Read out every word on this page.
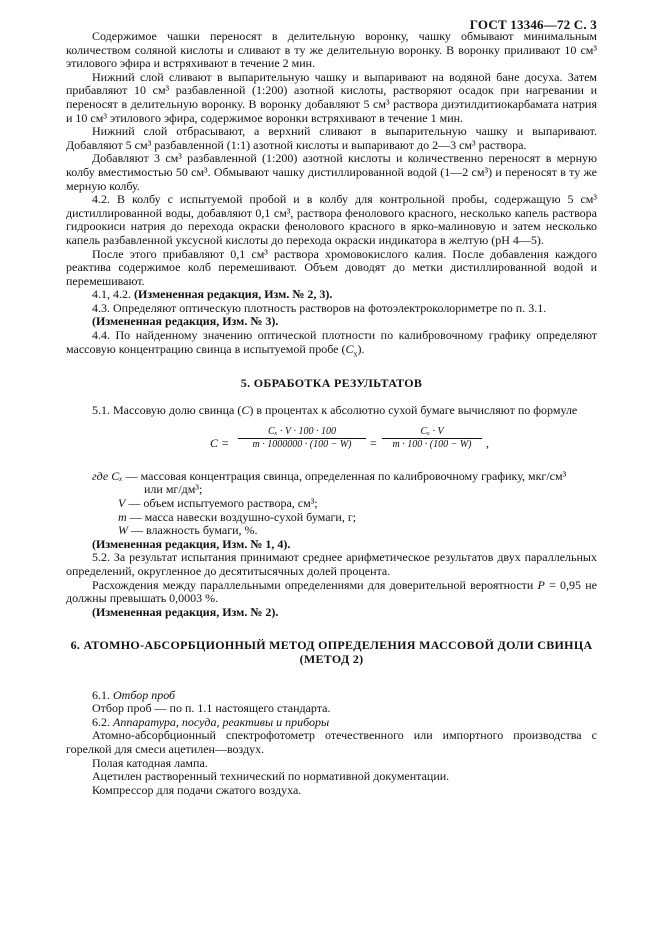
ГОСТ 13346—72 С. 3

Содержимое чашки переносят в делительную воронку, чашку обмывают минимальным количеством соляной кислоты и сливают в ту же делительную воронку. В воронку приливают 10 см³ этилового эфира и встряхивают в течение 2 мин.

Нижний слой сливают в выпарительную чашку и выпаривают на водяной бане досуха. Затем прибавляют 10 см³ разбавленной (1:200) азотной кислоты, растворяют осадок при нагревании и переносят в делительную воронку. В воронку добавляют 5 см³ раствора диэтилдитиокарбамата натрия и 10 см³ этилового эфира, содержимое воронки встряхивают в течение 1 мин.

Нижний слой отбрасывают, а верхний сливают в выпарительную чашку и выпаривают. Добавляют 5 см³ разбавленной (1:1) азотной кислоты и выпаривают до 2—3 см³ раствора.

Добавляют 3 см³ разбавленной (1:200) азотной кислоты и количественно переносят в мерную колбу вместимостью 50 см³. Обмывают чашку дистиллированной водой (1—2 см³) и переносят в ту же мерную колбу.

4.2. В колбу с испытуемой пробой и в колбу для контрольной пробы, содержащую 5 см³ дистиллированной воды, добавляют 0,1 см³, раствора фенолового красного, несколько капель раствора гидроокиси натрия до перехода окраски фенолового красного в ярко-малиновую и затем несколько капель разбавленной уксусной кислоты до перехода окраски индикатора в желтую (рН 4—5).

После этого прибавляют 0,1 см³ раствора хромовокислого калия. После добавления каждого реактива содержимое колб перемешивают. Объем доводят до метки дистиллированной водой и перемешивают.

4.1, 4.2. (Измененная редакция, Изм. № 2, 3).

4.3. Определяют оптическую плотность растворов на фотоэлектроколориметре по п. 3.1.

(Измененная редакция, Изм. № 3).

4.4. По найденному значению оптической плотности по калибровочному графику определяют массовую концентрацию свинца в испытуемой пробе $(C_x)$.

5. ОБРАБОТКА РЕЗУЛЬТАТОВ

5.1. Массовую долю свинца (C) в процентах к абсолютно сухой бумаге вычисляют по формуле

$C = \frac{\text{Cₓ · V · 100 · 100}}{m \cdot 1000000 \cdot (100 - W)} = \frac{\text{Cₓ · V}}{m \cdot 100 \cdot (100 - W)}$ ,

где Cₓ — массовая концентрация свинца, определенная по калибровочному графику, мкг/см³

или мг/дм³;

V — объем испытуемого раствора, см³;

m — масса навески воздушно-сухой бумаги, г;

W — влажность бумаги, %.

(Измененная редакция, Изм. № 1, 4).

5.2. За результат испытания принимают среднее арифметическое результатов двух параллельных определений, округленное до десятитысячных долей процента.

Расхождения между параллельными определениями для доверительной вероятности P = 0,95 не должны превышать 0,0003 %.

(Измененная редакция, Изм. № 2).

6. АТОМНО-АБСОРБЦИОННЫЙ МЕТОД ОПРЕДЕЛЕНИЯ МАССОВОЙ ДОЛИ СВИНЦА
(МЕТОД 2)

6.1. Отбор проб

Отбор проб — по п. 1.1 настоящего стандарта.

6.2. Аппаратура, посуда, реактивы и приборы

Атомно-абсорбционный спектрофотометр отечественного или импортного производства с горелкой для смеси ацетилен—воздух.

Полая катодная лампа.

Ацетилен растворенный технический по нормативной документации.

Компрессор для подачи сжатого воздуха.
